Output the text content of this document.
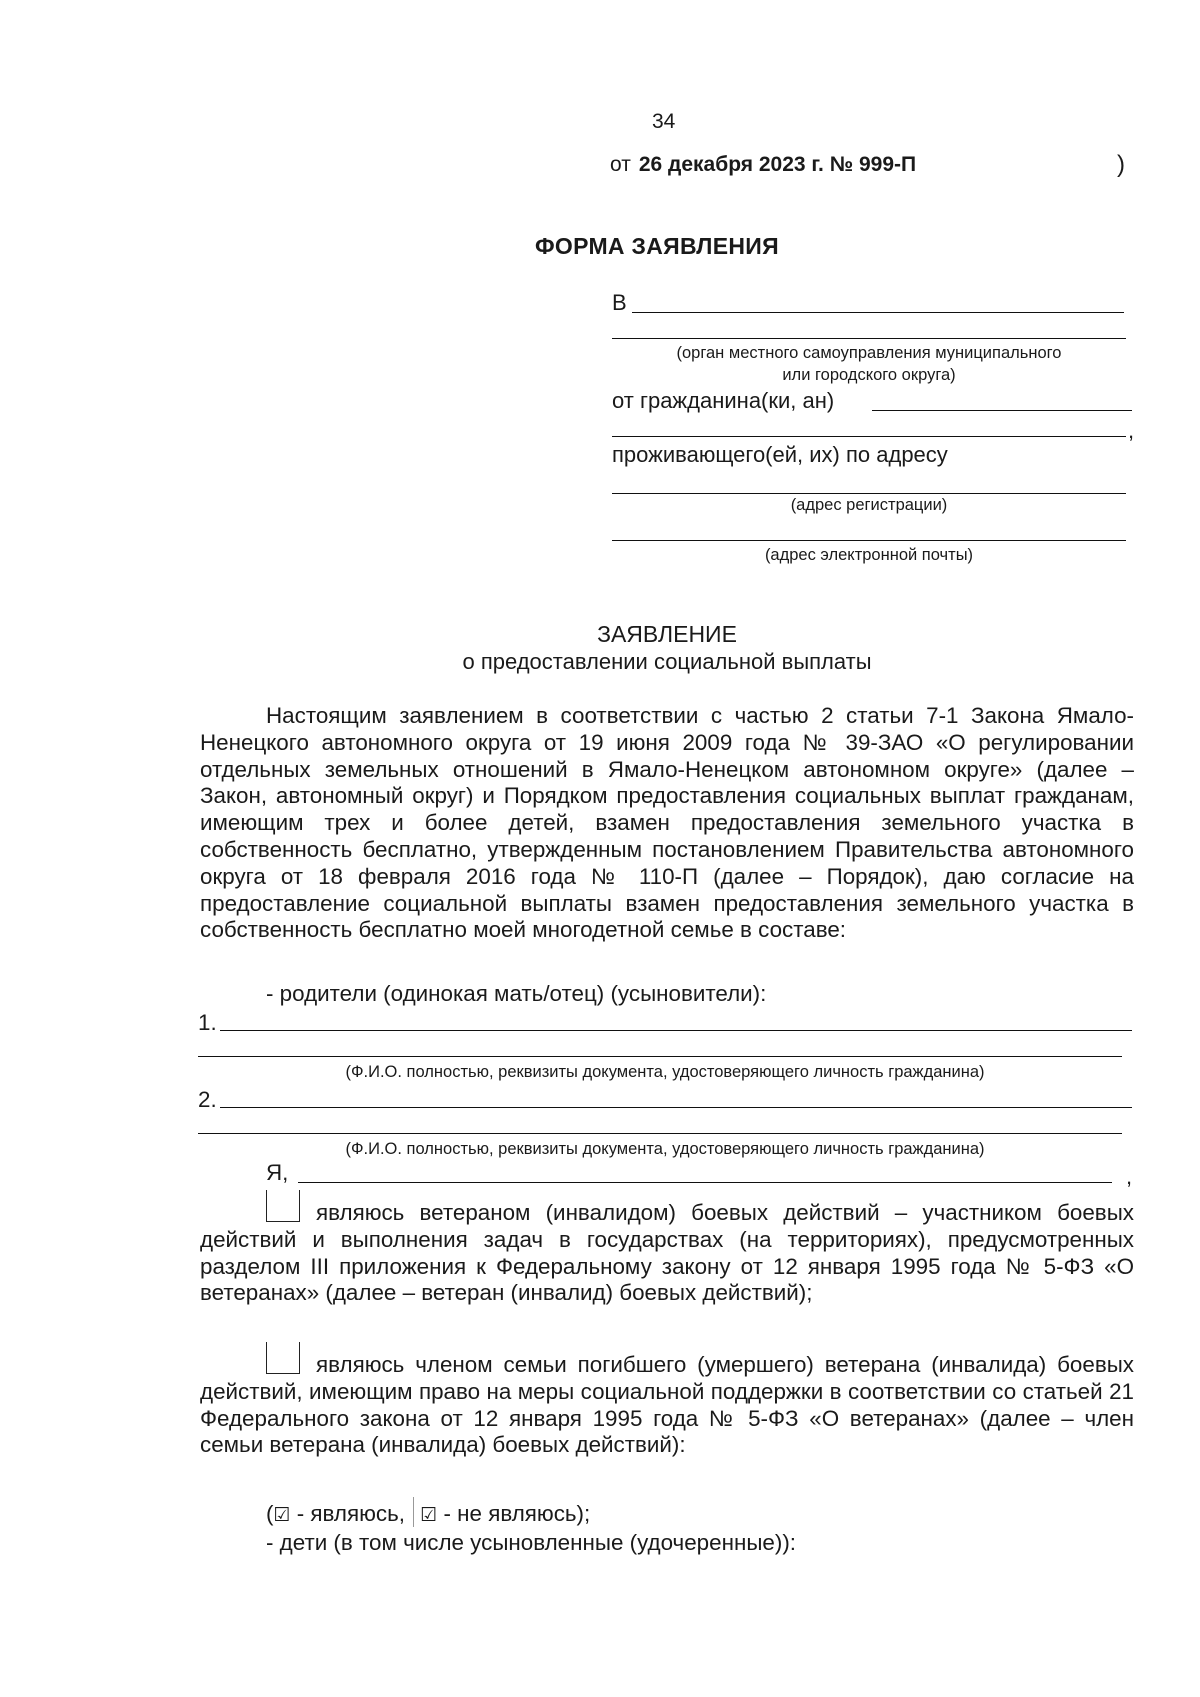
34
от 26 декабря 2023 г. № 999-П	)
ФОРМА ЗАЯВЛЕНИЯ
В
(орган местного самоуправления муниципального
или городского округа)
от гражданина(ки, ан)
,
проживающего(ей, их) по адресу
(адрес регистрации)
(адрес электронной почты)
ЗАЯВЛЕНИЕ
о предоставлении социальной выплаты
Настоящим заявлением в соответствии с частью 2 статьи 7-1 Закона Ямало-Ненецкого автономного округа от 19 июня 2009 года № 39-ЗАО «О регулировании отдельных земельных отношений в Ямало-Ненецком автономном округе» (далее – Закон, автономный округ) и Порядком предоставления социальных выплат гражданам, имеющим трех и более детей, взамен предоставления земельного участка в собственность бесплатно, утвержденным постановлением Правительства автономного округа от 18 февраля 2016 года № 110-П (далее – Порядок), даю согласие на предоставление социальной выплаты взамен предоставления земельного участка в собственность бесплатно моей многодетной семье в составе:
- родители (одинокая мать/отец) (усыновители):
1.
(Ф.И.О. полностью, реквизиты документа, удостоверяющего личность гражданина)
2.
(Ф.И.О. полностью, реквизиты документа, удостоверяющего личность гражданина)
Я,	,
являюсь ветераном (инвалидом) боевых действий – участником боевых действий и выполнения задач в государствах (на территориях), предусмотренных разделом III приложения к Федеральному закону от 12 января 1995 года № 5-ФЗ «О ветеранах» (далее – ветеран (инвалид) боевых действий);
являюсь членом семьи погибшего (умершего) ветерана (инвалида) боевых действий, имеющим право на меры социальной поддержки в соответствии со статьей 21 Федерального закона от 12 января 1995 года № 5-ФЗ «О ветеранах» (далее – член семьи ветерана (инвалида) боевых действий):
(☑ - являюсь, ☑ - не являюсь);
- дети (в том числе усыновленные (удочеренные)):
